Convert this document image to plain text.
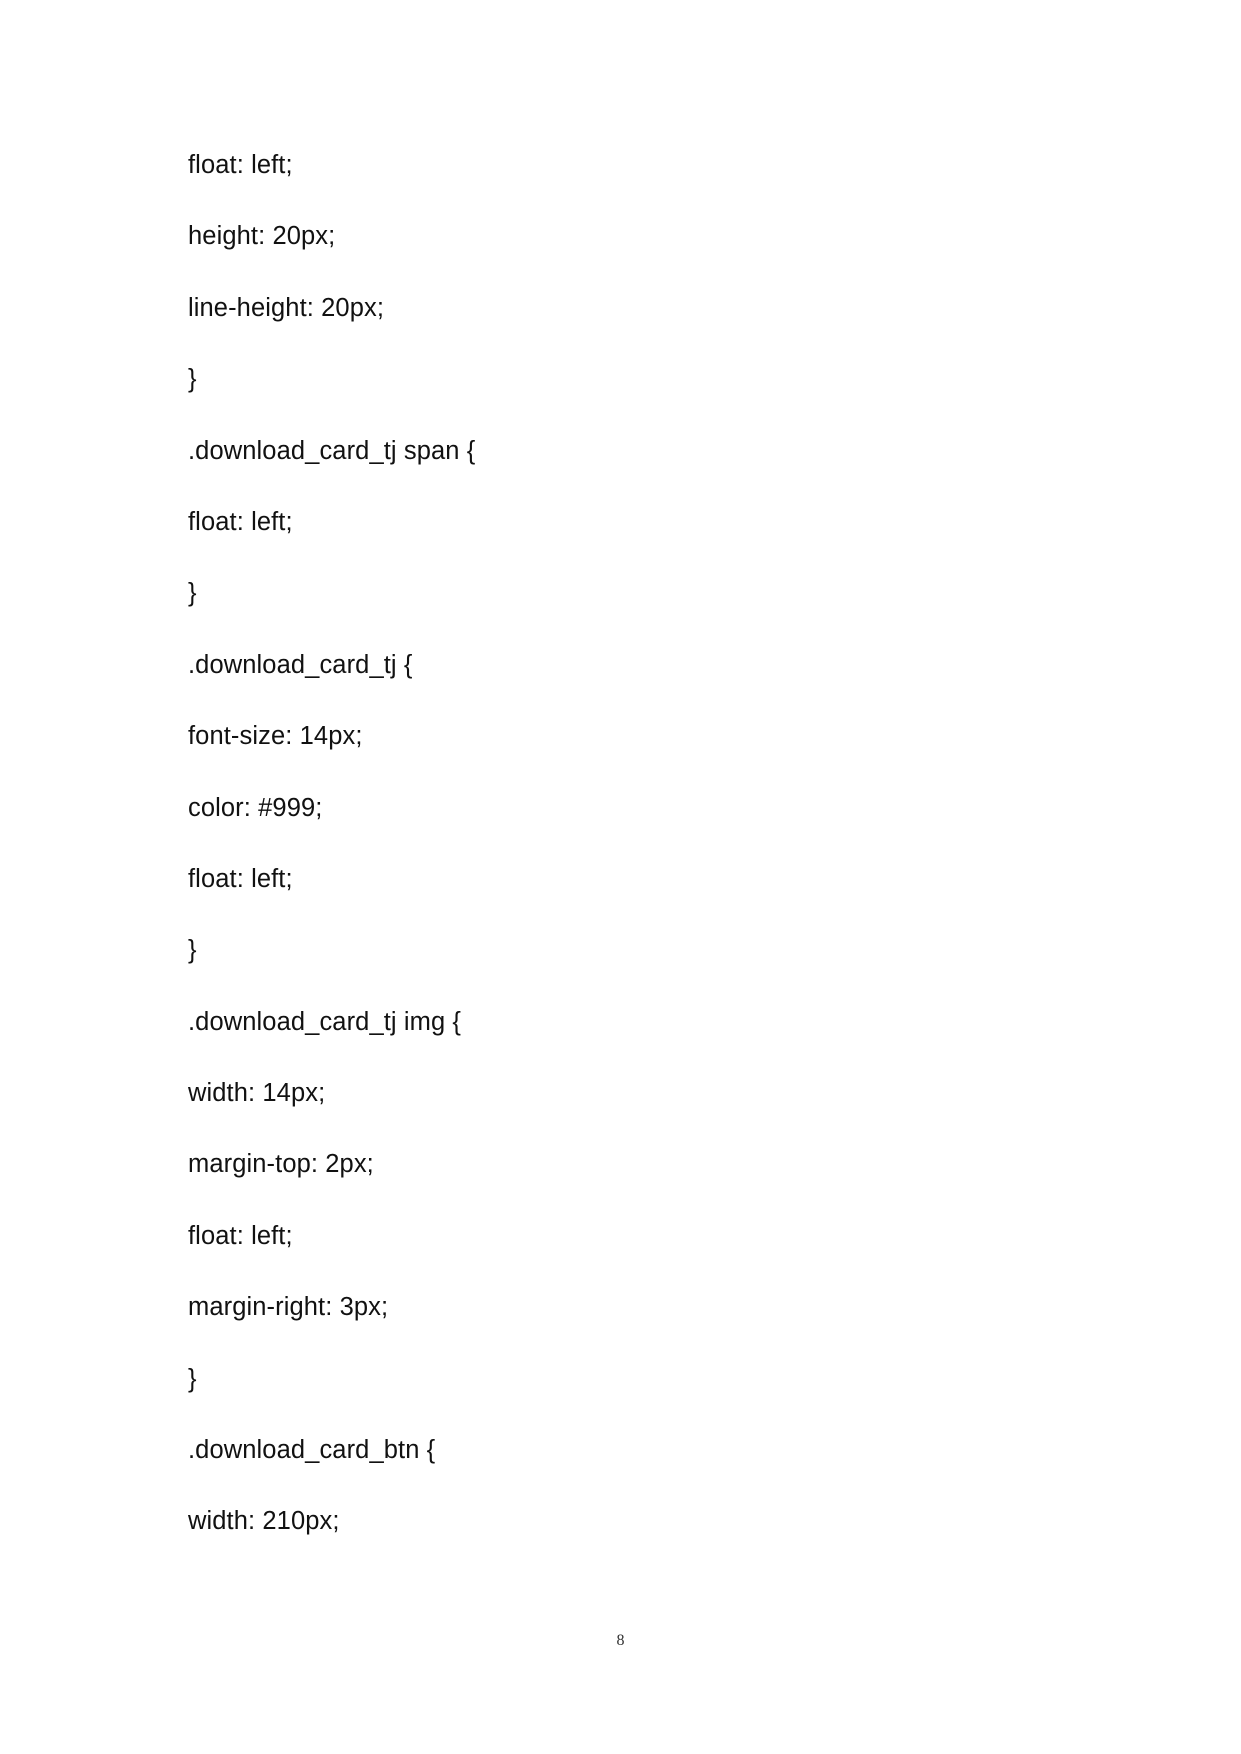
float: left;
height: 20px;
line-height: 20px;
}
.download_card_tj span {
float: left;
}
.download_card_tj {
font-size: 14px;
color: #999;
float: left;
}
.download_card_tj img {
width: 14px;
margin-top: 2px;
float: left;
margin-right: 3px;
}
.download_card_btn {
width: 210px;
8
